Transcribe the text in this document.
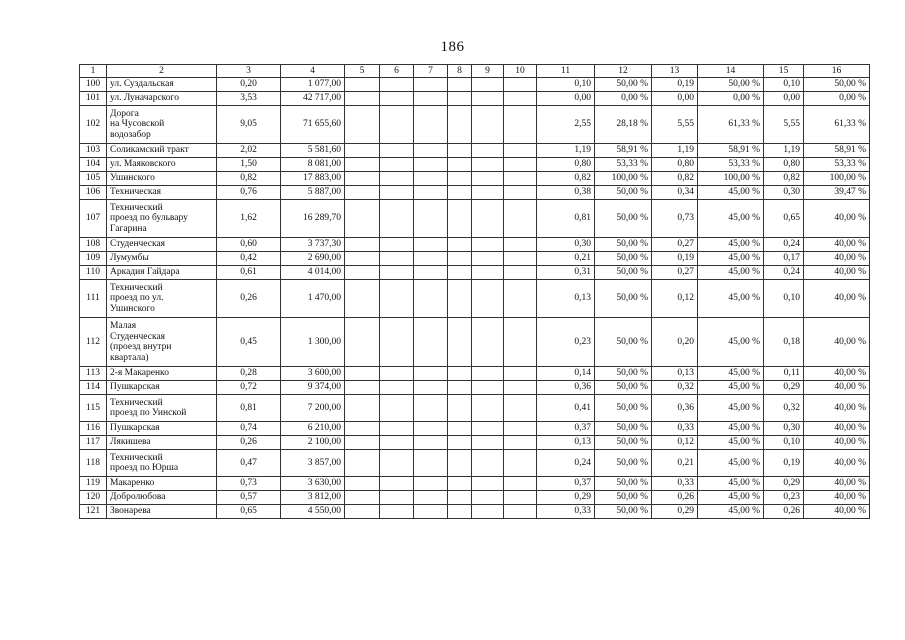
186
1	2	3	4	5	6	7	8	9	10	11	12	13	14	15	16
100	ул. Суздальская	0,20	1 077,00							0,10	50,00 %	0,19	50,00 %	0,10	50,00 %
101	ул. Луначарского	3,53	42 717,00							0,00	0,00 %	0,00	0,00 %	0,00	0,00 %
102	Дорога
на Чусовской
водозабор	9,05	71 655,60							2,55	28,18 %	5,55	61,33 %	5,55	61,33 %
103	Соликамский тракт	2,02	5 581,60							1,19	58,91 %	1,19	58,91 %	1,19	58,91 %
104	ул. Маяковского	1,50	8 081,00							0,80	53,33 %	0,80	53,33 %	0,80	53,33 %
105	Ушинского	0,82	17 883,00							0,82	100,00 %	0,82	100,00 %	0,82	100,00 %
106	Техническая	0,76	5 887,00							0,38	50,00 %	0,34	45,00 %	0,30	39,47 %
107	Технический
проезд по бульвару
Гагарина	1,62	16 289,70							0,81	50,00 %	0,73	45,00 %	0,65	40,00 %
108	Студенческая	0,60	3 737,30							0,30	50,00 %	0,27	45,00 %	0,24	40,00 %
109	Лумумбы	0,42	2 690,00							0,21	50,00 %	0,19	45,00 %	0,17	40,00 %
110	Аркадия Гайдара	0,61	4 014,00							0,31	50,00 %	0,27	45,00 %	0,24	40,00 %
111	Технический
проезд по ул.
Ушинского	0,26	1 470,00							0,13	50,00 %	0,12	45,00 %	0,10	40,00 %
112	Малая
Студенческая
(проезд внутри
квартала)	0,45	1 300,00							0,23	50,00 %	0,20	45,00 %	0,18	40,00 %
113	2-я Макаренко	0,28	3 600,00							0,14	50,00 %	0,13	45,00 %	0,11	40,00 %
114	Пушкарская	0,72	9 374,00							0,36	50,00 %	0,32	45,00 %	0,29	40,00 %
115	Технический
проезд по Уинской	0,81	7 200,00							0,41	50,00 %	0,36	45,00 %	0,32	40,00 %
116	Пушкарская	0,74	6 210,00							0,37	50,00 %	0,33	45,00 %	0,30	40,00 %
117	Лякишева	0,26	2 100,00							0,13	50,00 %	0,12	45,00 %	0,10	40,00 %
118	Технический
проезд по Юрша	0,47	3 857,00							0,24	50,00 %	0,21	45,00 %	0,19	40,00 %
119	Макаренко	0,73	3 630,00							0,37	50,00 %	0,33	45,00 %	0,29	40,00 %
120	Добролюбова	0,57	3 812,00							0,29	50,00 %	0,26	45,00 %	0,23	40,00 %
121	Звонарева	0,65	4 550,00							0,33	50,00 %	0,29	45,00 %	0,26	40,00 %
